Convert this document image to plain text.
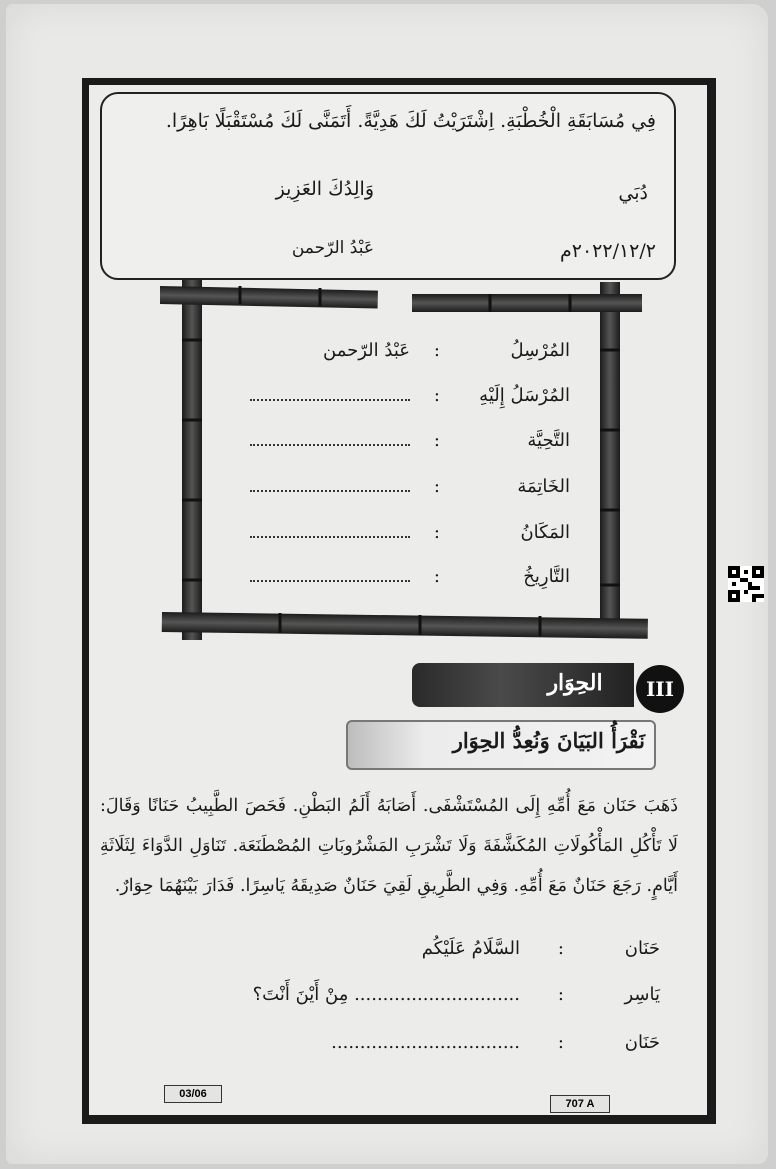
فِي مُسَابَقَةِ الْخُطْبَةِ. اِشْتَرَيْتُ لَكَ هَدِيَّةً. أَتَمَنَّى لَكَ مُسْتَقْبَلًا بَاهِرًا.
دُبَي
وَالِدُكَ العَزِيز
عَبْدُ الرّحمن	٢٠٢٢/١٢/٢م
المُرْسِلُ
:
عَبْدُ الرّحمن
المُرْسَلُ إِلَيْهِ
:
التَّحِيَّة
:
الخَاتِمَة
:
المَكَانُ
:
التَّارِيخُ
:
الحِوَار	III
نَقْرَأُ البَيَانَ وَنُعِدُّ الحِوَار
ذَهَبَ حَنَان مَعَ أُمِّهِ إِلَى المُسْتَشْفَى. أَصَابَهُ أَلَمُ البَطْنِ. فَحَصَ الطَّبِيبُ حَنَانًا وَقَالَ: لَا تَأْكُلِ المَأْكُولَاتِ المُكَشَّفَةَ وَلَا تَشْرَبِ المَشْرُوبَاتِ المُصْطَنَعَة. تَنَاوَلِ الدَّوَاءَ لِثَلَاثَةِ أَيَّامٍ. رَجَعَ حَنَانٌ مَعَ أُمِّهِ. وَفِي الطَّرِيقِ لَقِيَ حَنَانٌ صَدِيقَهُ يَاسِرًا. فَدَارَ بَيْنَهُمَا حِوَارٌ.
حَنَان
:
السَّلَامُ عَلَيْكُم
يَاسِر
:
............................. مِنْ أَيْنَ أَنْتَ؟
حَنَان
:
.................................
03/06
707 A
